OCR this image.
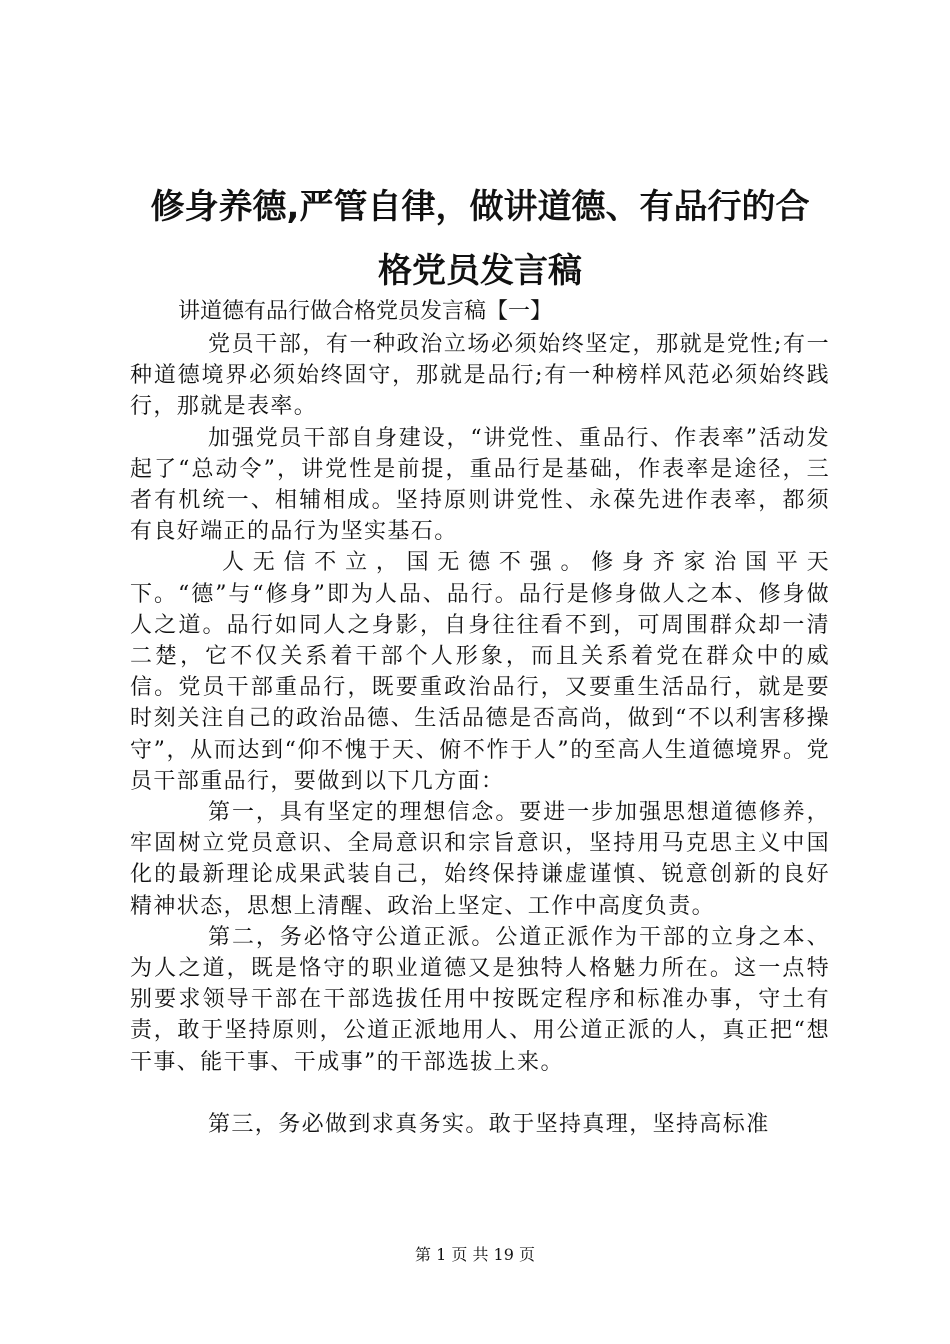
修身养德,严管自律，做讲道德、有品行的合
格党员发言稿
讲道德有品行做合格党员发言稿【一】

党员干部，有一种政治立场必须始终坚定，那就是党性;有一种道德境界必须始终固守，那就是品行;有一种榜样风范必须始终践行，那就是表率。

加强党员干部自身建设，“讲党性、重品行、作表率”活动发起了“总动令”，讲党性是前提，重品行是基础，作表率是途径，三者有机统一、相辅相成。坚持原则讲党性、永葆先进作表率，都须有良好端正的品行为坚实基石。

人无信不立，国无德不强。修身齐家治国平天下。“德”与“修身”即为人品、品行。品行是修身做人之本、修身做人之道。品行如同人之身影，自身往往看不到，可周围群众却一清二楚，它不仅关系着干部个人形象，而且关系着党在群众中的威信。党员干部重品行，既要重政治品行，又要重生活品行，就是要时刻关注自己的政治品德、生活品德是否高尚，做到“不以利害移操守”，从而达到“仰不愧于天、俯不怍于人”的至高人生道德境界。党员干部重品行，要做到以下几方面：

第一，具有坚定的理想信念。要进一步加强思想道德修养，牢固树立党员意识、全局意识和宗旨意识，坚持用马克思主义中国化的最新理论成果武装自己，始终保持谦虚谨慎、锐意创新的良好精神状态，思想上清醒、政治上坚定、工作中高度负责。

第二，务必恪守公道正派。公道正派作为干部的立身之本、为人之道，既是恪守的职业道德又是独特人格魅力所在。这一点特别要求领导干部在干部选拔任用中按既定程序和标准办事，守土有责，敢于坚持原则，公道正派地用人、用公道正派的人，真正把“想干事、能干事、干成事”的干部选拔上来。

第三，务必做到求真务实。敢于坚持真理，坚持高标准

第 1 页 共 19 页
